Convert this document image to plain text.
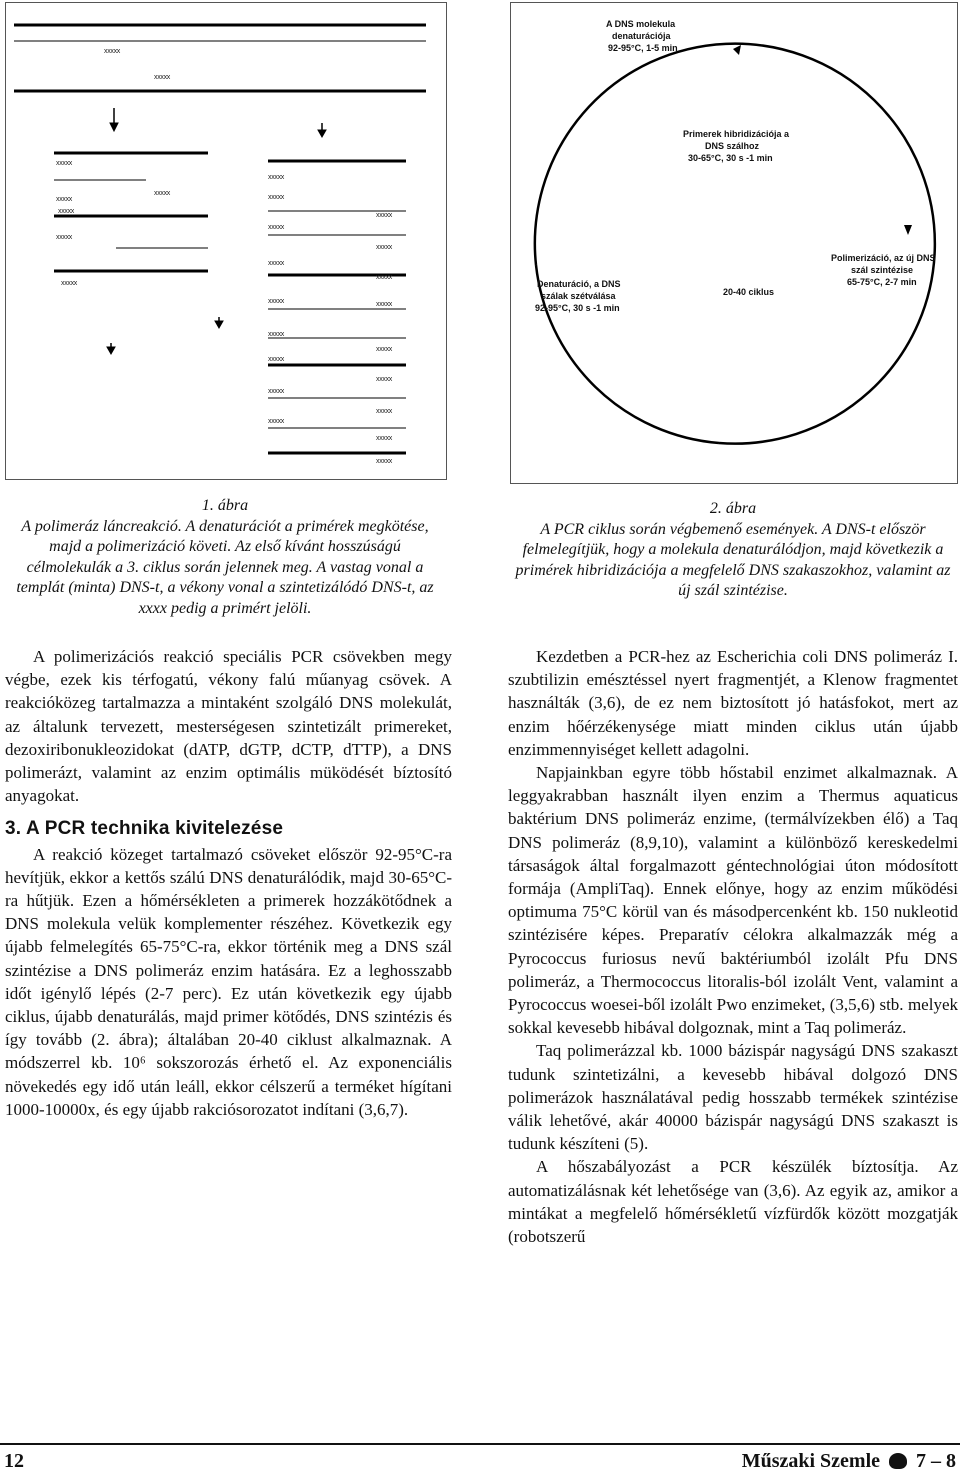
xxxxx
xxxxx
xxxxx
xxxxx
xxxxx
xxxxx
xxxxx
xxxxx
xxxxx
xxxxx
xxxxx
xxxxx
xxxxx
xxxxx
xxxxx
xxxxx	xxxxx
xxxxx
xxxxx
xxxxx
xxxxx
xxxxx
xxxxx
xxxxx
xxxxx
xxxxx
1. ábra
A polimeráz láncreakció. A denaturációt a primérek megkötése, majd a polimerizáció követi. Az első kívánt hosszúságú célmolekulák a 3. ciklus során jelennek meg. A vastag vonal a templát (minta) DNS-t, a vékony vonal a szintetizálódó DNS-t, az xxxx pedig a primért jelöli.
A DNS molekula
denaturációja
92-95°C, 1-5 min
Primerek hibridizációja a
DNS szálhoz
30-65°C, 30 s -1 min
Polimerizáció, az új DNS
szál szintézise
65-75°C, 2-7 min
Denaturáció, a DNS
szálak szétválása
92-95°C, 30 s -1 min
20-40 ciklus
2. ábra
A PCR ciklus során végbemenő események. A DNS-t először felmelegítjük, hogy a molekula denaturálódjon, majd következik a primérek hibridizációja a megfelelő DNS szakaszokhoz, valamint az új szál szintézise.

A polimerizációs reakció speciális PCR csövekben megy végbe, ezek kis térfogatú, vékony falú műanyag csövek. A reakcióközeg tartalmazza a mintaként szolgáló DNS molekulát, az általunk tervezett, mesterségesen szintetizált primereket, dezoxiribonukleozidokat (dATP, dGTP, dCTP, dTTP), a DNS polimerázt, valamint az enzim optimális müködését bíztosító anyagokat.

3. A PCR technika kivitelezése

A reakció közeget tartalmazó csöveket először 92-95°C-ra hevítjük, ekkor a kettős szálú DNS denaturálódik, majd 30-65°C-ra hűtjük. Ezen a hőmérsékleten a primerek hozzákötődnek a DNS molekula velük komplementer részéhez. Következik egy újabb felmelegítés 65-75°C-ra, ekkor történik meg a DNS szál szintézise a DNS polimeráz enzim hatására. Ez a leghosszabb időt igénylő lépés (2-7 perc). Ez után következik egy újabb ciklus, újabb denaturálás, majd primer kötődés, DNS szintézis és így tovább (2. ábra); általában 20-40 ciklust alkalmaznak. A módszerrel kb. 10⁶ sokszorozás érhető el. Az exponenciális növekedés egy idő után leáll, ekkor célszerű a terméket hígítani 1000-10000x, és egy újabb rakciósorozatot indítani (3,6,7).

Kezdetben a PCR-hez az Escherichia coli DNS polimeráz I. szubtilizin emésztéssel nyert fragmentjét, a Klenow fragmentet használták (3,6), de ez nem biztosított jó hatásfokot, mert az enzim hőérzékenysége miatt minden ciklus után újabb enzimmennyiséget kellett adagolni.

Napjainkban egyre több hőstabil enzimet alkalmaznak. A leggyakrabban használt ilyen enzim a Thermus aquaticus baktérium DNS polimeráz enzime, (termálvízekben élő) a Taq DNS polimeráz (8,9,10), valamint a különböző kereskedelmi társaságok által forgalmazott géntechnológiai úton módosított formája (AmpliTaq). Ennek előnye, hogy az enzim működési optimuma 75°C körül van és másodpercenként kb. 150 nukleotid szintézisére képes. Preparatív célokra alkalmazzák még a Pyrococcus furiosus nevű baktériumból izolált Pfu DNS polimeráz, a Thermococcus litoralis-ból izolált Vent, valamint a Pyrococcus woesei-ből izolált Pwo enzimeket, (3,5,6) stb. melyek sokkal kevesebb hibával dolgoznak, mint a Taq polimeráz.

Taq polimerázzal kb. 1000 bázispár nagyságú DNS szakaszt tudunk szintetizálni, a kevesebb hibával dolgozó DNS polimerázok használatával pedig hosszabb termékek szintézise válik lehetővé, akár 40000 bázispár nagyságú DNS szakaszt is tudunk készíteni (5).

A hőszabályozást a PCR készülék bíztosítja. Az automatizálásnak két lehetősége van (3,6). Az egyik az, amikor a mintákat a megfelelő hőmérsékletű vízfürdők között mozgatják (robotszerű

12	Műszaki Szemle 7 – 8
